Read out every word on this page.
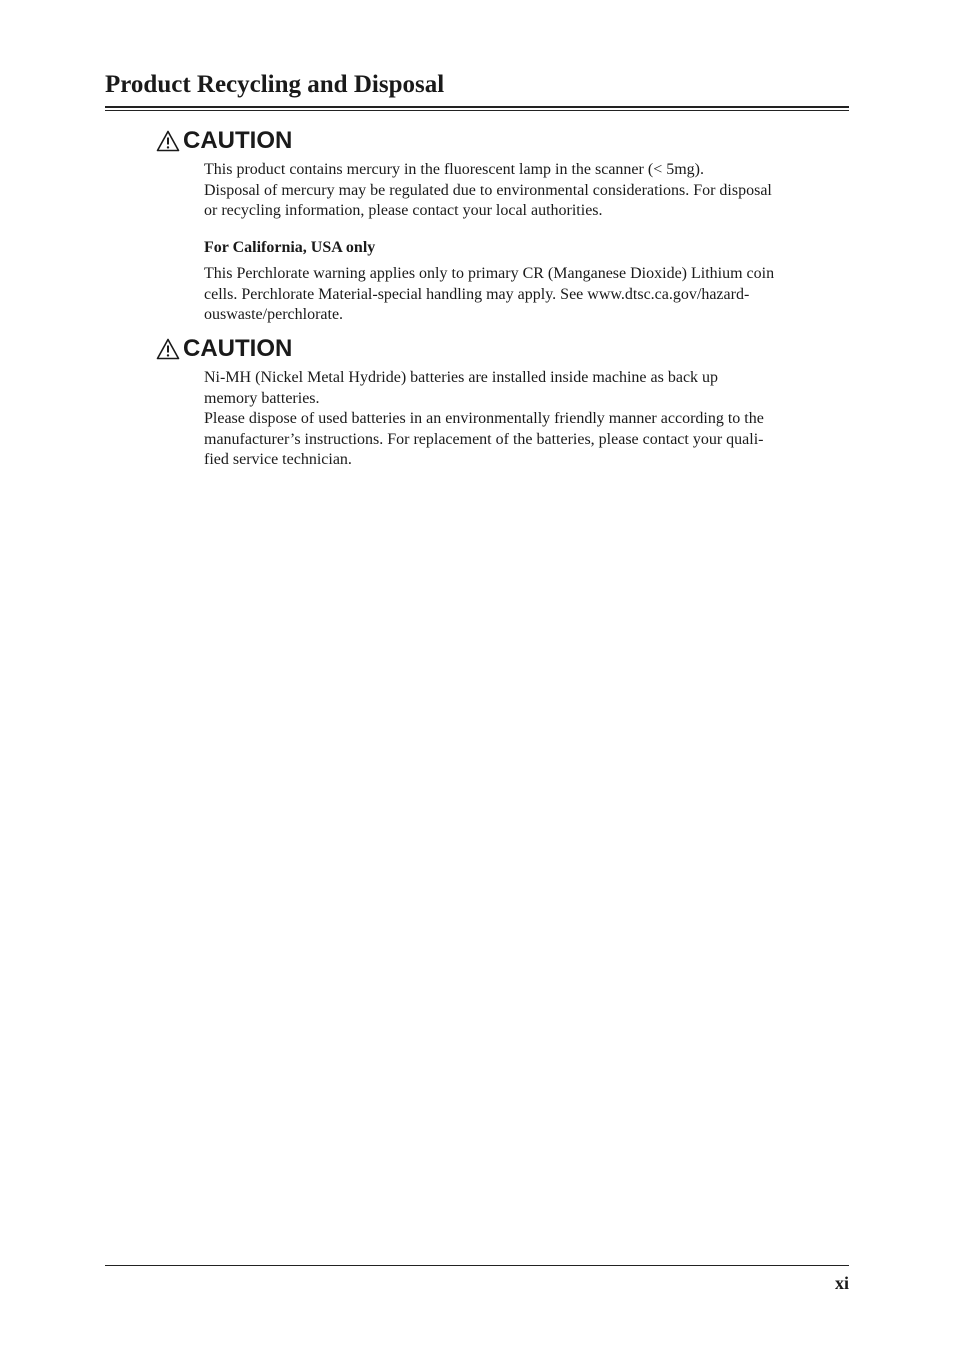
Product Recycling and Disposal
CAUTION

This product contains mercury in the fluorescent lamp in the scanner (< 5mg).
Disposal of mercury may be regulated due to environmental considerations. For disposal
or recycling information, please contact your local authorities.

For California, USA only

This Perchlorate warning applies only to primary CR (Manganese Dioxide) Lithium coin
cells. Perchlorate Material-special handling may apply. See www.dtsc.ca.gov/hazard-
ouswaste/perchlorate.

CAUTION

Ni-MH (Nickel Metal Hydride) batteries are installed inside machine as back up
memory batteries.
Please dispose of used batteries in an environmentally friendly manner according to the
manufacturer’s instructions. For replacement of the batteries, please contact your quali-
fied service technician.

xi
